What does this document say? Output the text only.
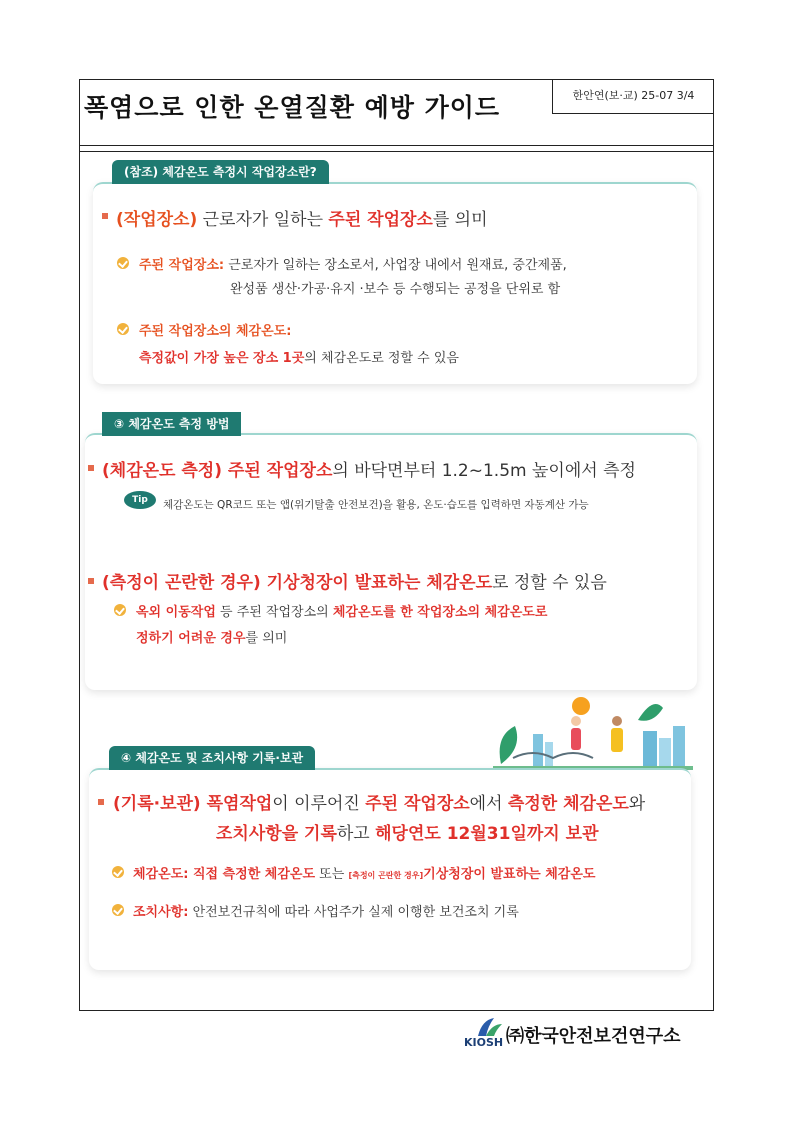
폭염으로 인한 온열질환 예방 가이드	한안연(보·교) 25-07 3/4
(참조) 체감온도 측정시 작업장소란?
(작업장소) 근로자가 일하는 주된 작업장소를 의미
주된 작업장소: 근로자가 일하는 장소로서, 사업장 내에서 원재료, 중간제품,
완성품 생산·가공·유지 ·보수 등 수행되는 공정을 단위로 함
주된 작업장소의 체감온도:
측정값이 가장 높은 장소 1곳의 체감온도로 정할 수 있음
③ 체감온도 측정 방법
(체감온도 측정) 주된 작업장소의 바닥면부터 1.2~1.5m 높이에서 측정
Tip	체감온도는 QR코드 또는 앱(위기탈출 안전보건)을 활용, 온도·습도를 입력하면 자동계산 가능
(측정이 곤란한 경우) 기상청장이 발표하는 체감온도로 정할 수 있음
옥외 이동작업 등 주된 작업장소의 체감온도를 한 작업장소의 체감온도로
정하기 어려운 경우를 의미
④ 체감온도 및 조치사항 기록·보관
(기록·보관) 폭염작업이 이루어진 주된 작업장소에서 측정한 체감온도와
조치사항을 기록하고 해당연도 12월31일까지 보관
체감온도: 직접 측정한 체감온도 또는 [측정이 곤란한 경우]기상청장이 발표하는 체감온도
조치사항: 안전보건규칙에 따라 사업주가 실제 이행한 보건조치 기록
KIOSH ㈜한국안전보건연구소
